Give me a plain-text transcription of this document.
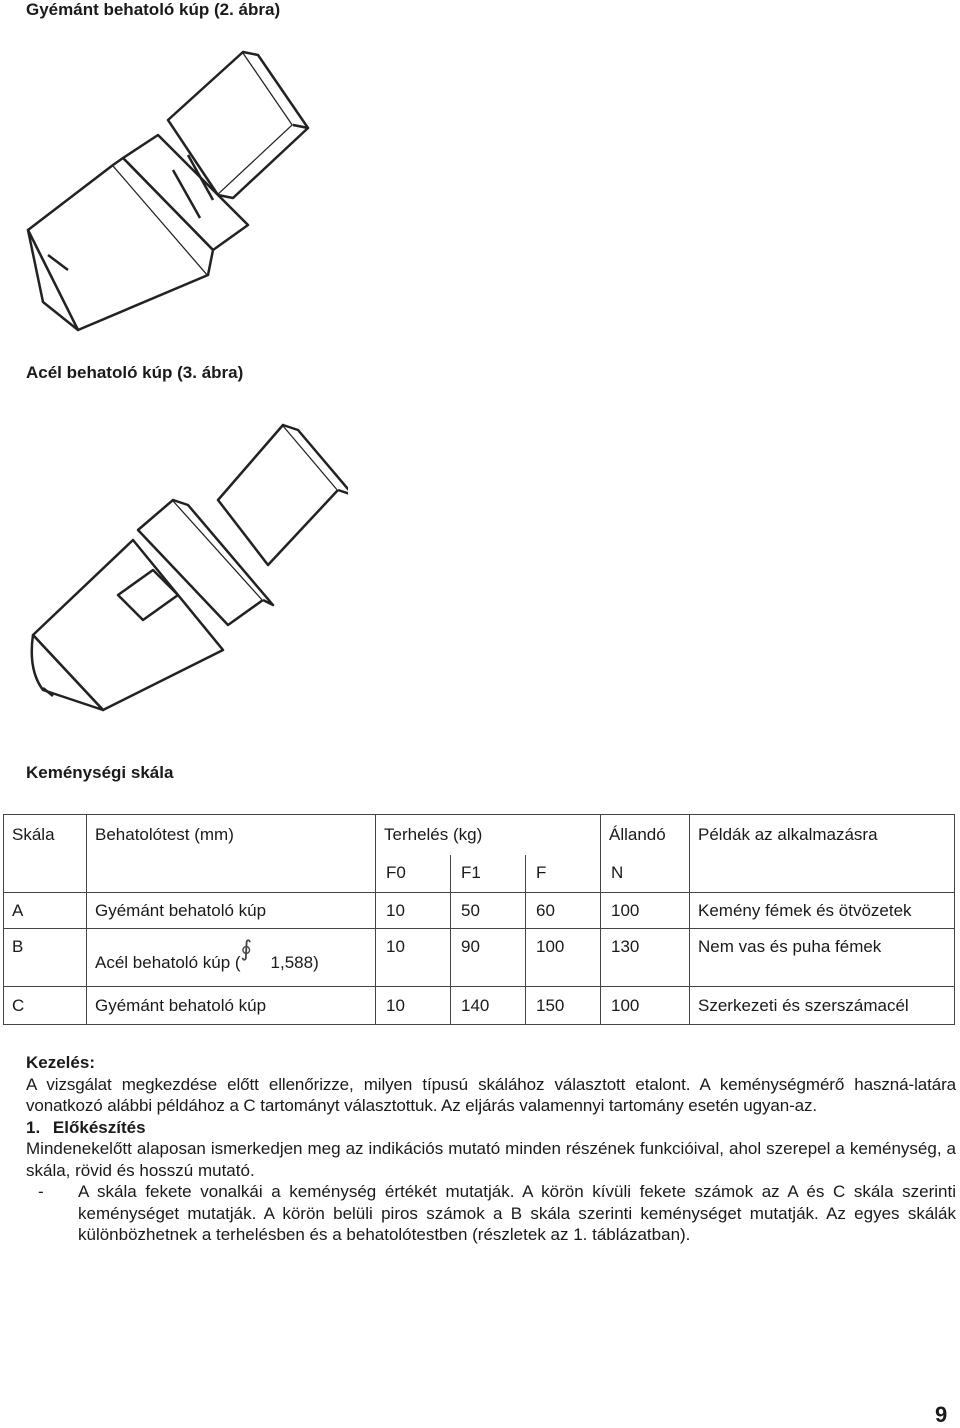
Gyémánt behatoló kúp (2. ábra)
Acél behatoló kúp (3. ábra)
Keménységi skála
Skála	Behatolótest (mm)	Terhelés (kg)			Állandó	Példák az alkalmazásra
		F0	F1	F	N	
A	Gyémánt behatoló kúp	10	50	60	100	Kemény fémek és ötvözetek
B	Acél behatoló kúp (∮1,588)	10	90	100	130	Nem vas és puha fémek
C	Gyémánt behatoló kúp	10	140	150	100	Szerkezeti és szerszámacél

Kezelés:

A vizsgálat megkezdése előtt ellenőrizze, milyen típusú skálához választott etalont. A keménységmérő haszná-latára vonatkozó alábbi példához a C tartományt választottuk. Az eljárás valamennyi tartomány esetén ugyan-az.

1. Előkészítés

Mindenekelőtt alaposan ismerkedjen meg az indikációs mutató minden részének funkcióival, ahol szerepel a keménység, a skála, rövid és hosszú mutató.

-	A skála fekete vonalkái a keménység értékét mutatják. A körön kívüli fekete számok az A és C skála szerinti keménységet mutatják. A körön belüli piros számok a B skála szerinti keménységet mutatják. Az egyes skálák különbözhetnek a terhelésben és a behatolótestben (részletek az 1. táblázatban).
9
